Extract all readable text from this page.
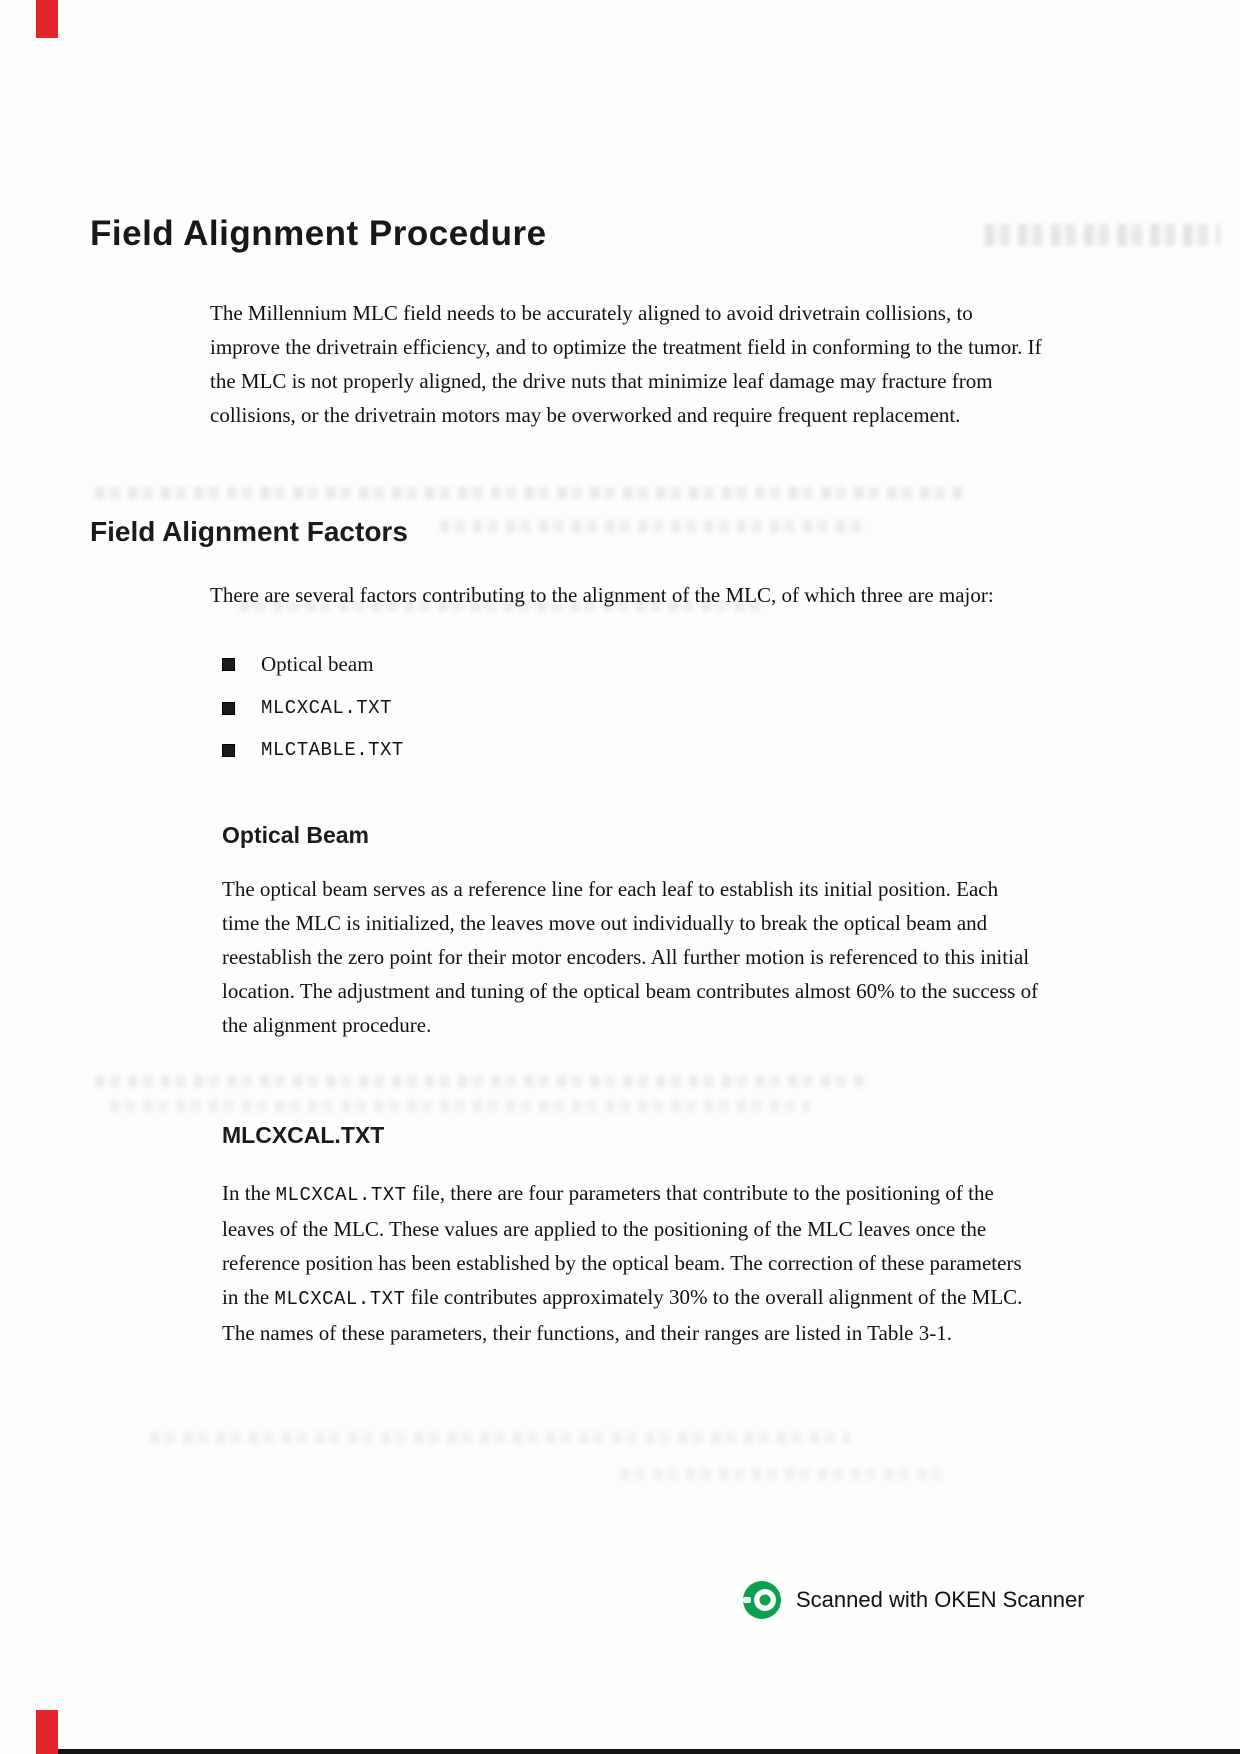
Field Alignment Procedure

The Millennium MLC field needs to be accurately aligned to avoid drivetrain collisions, to improve the drivetrain efficiency, and to optimize the treatment field in conforming to the tumor. If the MLC is not properly aligned, the drive nuts that minimize leaf damage may fracture from collisions, or the drivetrain motors may be overworked and require frequent replacement.

Field Alignment Factors

There are several factors contributing to the alignment of the MLC, of which three are major:

Optical beam
MLCXCAL.TXT
MLCTABLE.TXT
Optical Beam

The optical beam serves as a reference line for each leaf to establish its initial position. Each time the MLC is initialized, the leaves move out individually to break the optical beam and reestablish the zero point for their motor encoders. All further motion is referenced to this initial location. The adjustment and tuning of the optical beam contributes almost 60% to the success of the alignment procedure.

MLCXCAL.TXT

In the MLCXCAL.TXT file, there are four parameters that contribute to the positioning of the leaves of the MLC. These values are applied to the positioning of the MLC leaves once the reference position has been established by the optical beam. The correction of these parameters in the MLCXCAL.TXT file contributes approximately 30% to the overall alignment of the MLC. The names of these parameters, their functions, and their ranges are listed in Table 3-1.

Scanned with OKEN Scanner
